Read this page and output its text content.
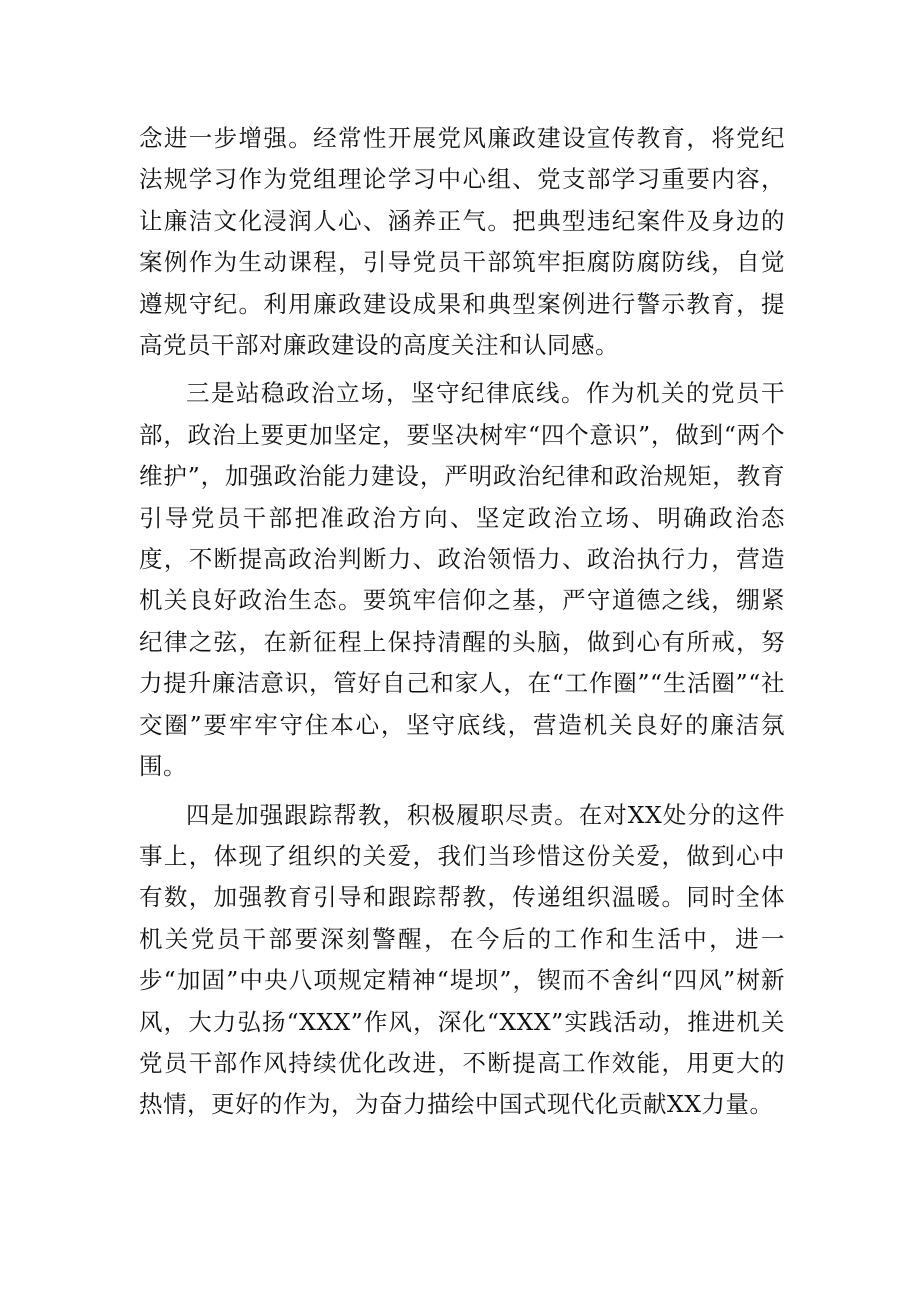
念进一步增强。经常性开展党风廉政建设宣传教育，将党纪法规学习作为党组理论学习中心组、党支部学习重要内容，让廉洁文化浸润人心、涵养正气。把典型违纪案件及身边的案例作为生动课程，引导党员干部筑牢拒腐防腐防线，自觉遵规守纪。利用廉政建设成果和典型案例进行警示教育，提高党员干部对廉政建设的高度关注和认同感。

三是站稳政治立场，坚守纪律底线。作为机关的党员干部，政治上要更加坚定，要坚决树牢“四个意识”，做到“两个维护”，加强政治能力建设，严明政治纪律和政治规矩，教育引导党员干部把准政治方向、坚定政治立场、明确政治态度，不断提高政治判断力、政治领悟力、政治执行力，营造机关良好政治生态。要筑牢信仰之基，严守道德之线，绷紧纪律之弦，在新征程上保持清醒的头脑，做到心有所戒，努力提升廉洁意识，管好自己和家人，在“工作圈”“生活圈”“社交圈”要牢牢守住本心，坚守底线，营造机关良好的廉洁氛围。

四是加强跟踪帮教，积极履职尽责。在对XX处分的这件事上，体现了组织的关爱，我们当珍惜这份关爱，做到心中有数，加强教育引导和跟踪帮教，传递组织温暖。同时全体机关党员干部要深刻警醒，在今后的工作和生活中，进一步“加固”中央八项规定精神“堤坝”，锲而不舍纠“四风”树新风，大力弘扬“XXX”作风，深化“XXX”实践活动，推进机关党员干部作风持续优化改进，不断提高工作效能，用更大的热情，更好的作为，为奋力描绘中国式现代化贡献XX力量。
